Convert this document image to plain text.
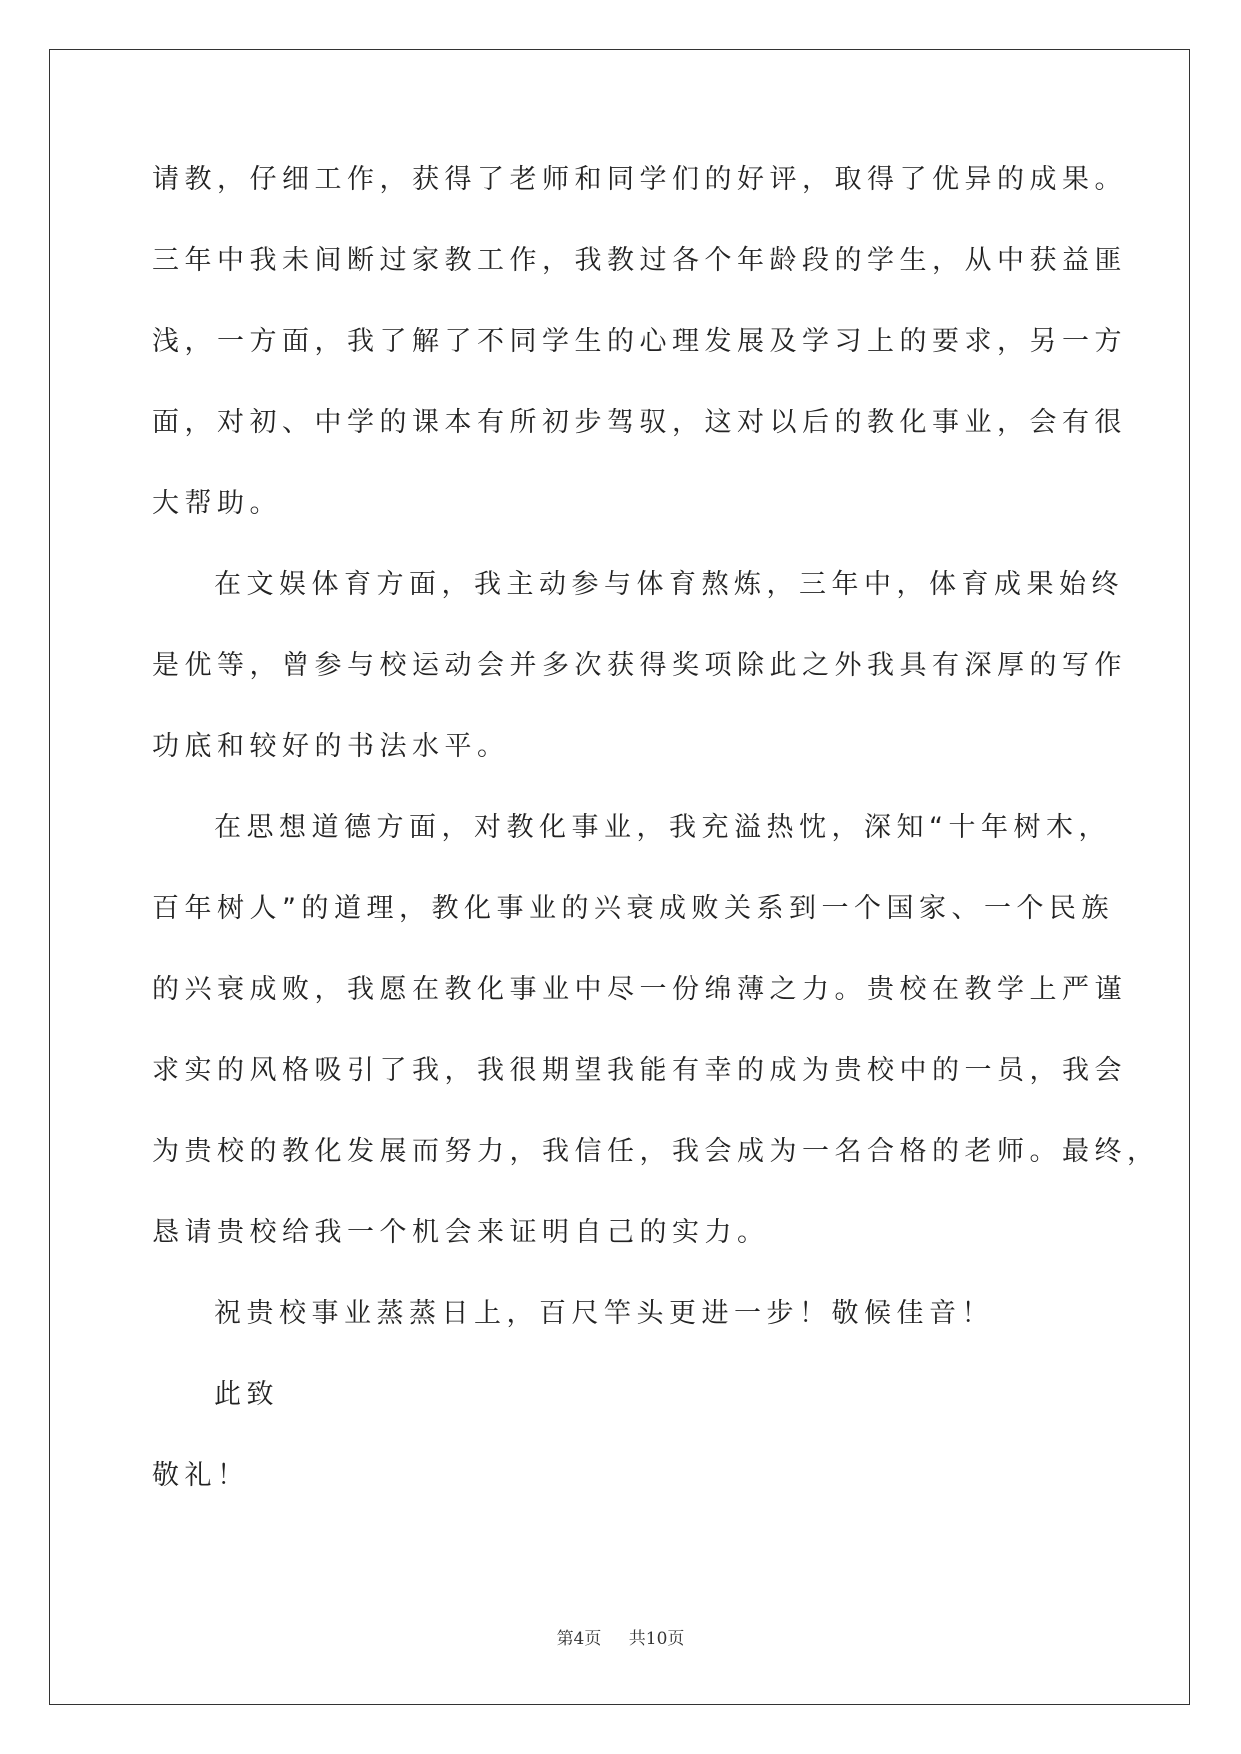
请教，仔细工作，获得了老师和同学们的好评，取得了优异的成果。
三年中我未间断过家教工作，我教过各个年龄段的学生，从中获益匪
浅，一方面，我了解了不同学生的心理发展及学习上的要求，另一方
面，对初、中学的课本有所初步驾驭，这对以后的教化事业，会有很
大帮助。
在文娱体育方面，我主动参与体育熬炼，三年中，体育成果始终
是优等，曾参与校运动会并多次获得奖项除此之外我具有深厚的写作
功底和较好的书法水平。
在思想道德方面，对教化事业，我充溢热忱，深知“十年树木，
百年树人”的道理，教化事业的兴衰成败关系到一个国家、一个民族
的兴衰成败，我愿在教化事业中尽一份绵薄之力。贵校在教学上严谨
求实的风格吸引了我，我很期望我能有幸的成为贵校中的一员，我会
为贵校的教化发展而努力，我信任，我会成为一名合格的老师。最终，
恳请贵校给我一个机会来证明自己的实力。
祝贵校事业蒸蒸日上，百尺竿头更进一步！敬候佳音！
此致
敬礼！
第4页 共10页
